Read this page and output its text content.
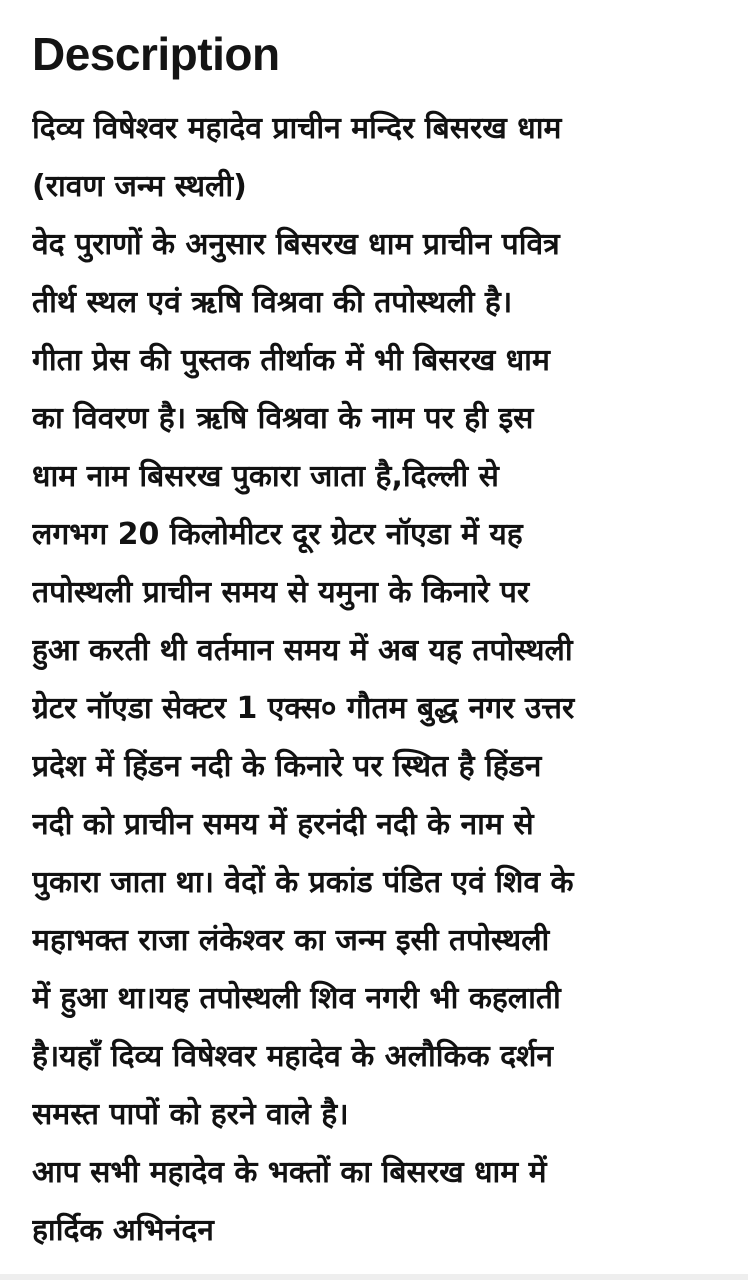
Description
दिव्य विषेश्वर महादेव प्राचीन मन्दिर बिसरख धाम
(रावण जन्म स्थली)
वेद पुराणों के अनुसार बिसरख धाम प्राचीन पवित्र
तीर्थ स्थल एवं ऋषि विश्रवा की तपोस्थली है।
गीता प्रेस की पुस्तक तीर्थाक में भी बिसरख धाम
का विवरण है। ऋषि विश्रवा के नाम पर ही इस
धाम नाम बिसरख पुकारा जाता है,दिल्ली से
लगभग 20 किलोमीटर दूर ग्रेटर नॉएडा में यह
तपोस्थली प्राचीन समय से यमुना के किनारे पर
हुआ करती थी वर्तमान समय में अब यह तपोस्थली
ग्रेटर नॉएडा सेक्टर 1 एक्स० गौतम बुद्ध नगर उत्तर
प्रदेश में हिंडन नदी के किनारे पर स्थित है हिंडन
नदी को प्राचीन समय में हरनंदी नदी के नाम से
पुकारा जाता था। वेदों के प्रकांड पंडित एवं शिव के
महाभक्त राजा लंकेश्वर का जन्म इसी तपोस्थली
में हुआ था।यह तपोस्थली शिव नगरी भी कहलाती
है।यहाँ दिव्य विषेश्वर महादेव के अलौकिक दर्शन
समस्त पापों को हरने वाले है।
आप सभी महादेव के भक्तों का बिसरख धाम में
हार्दिक अभिनंदन
